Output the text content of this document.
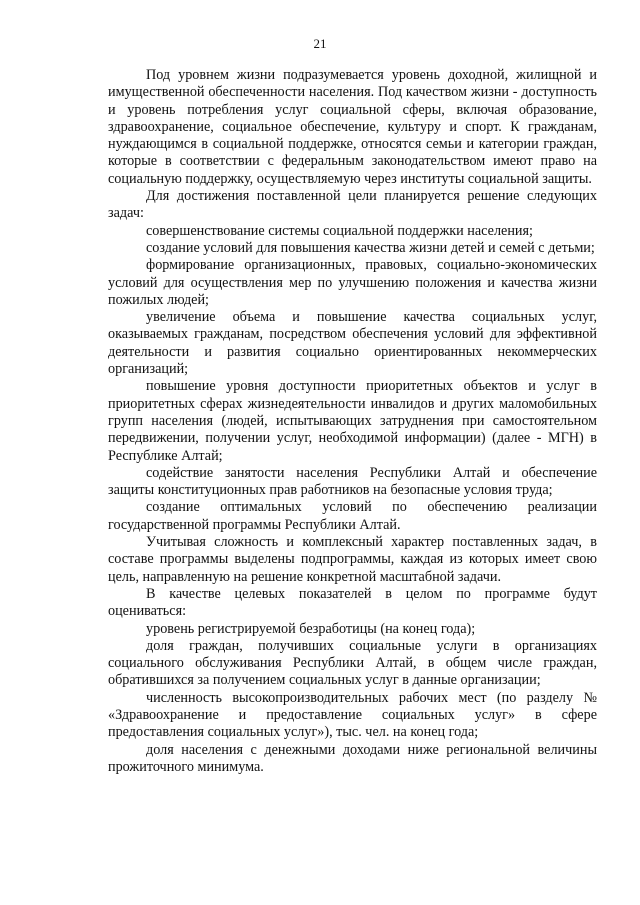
21

Под уровнем жизни подразумевается уровень доходной, жилищной и имущественной обеспеченности населения. Под качеством жизни - доступность и уровень потребления услуг социальной сферы, включая образование, здравоохранение, социальное обеспечение, культуру и спорт. К гражданам, нуждающимся в социальной поддержке, относятся семьи и категории граждан, которые в соответствии с федеральным законодательством имеют право на социальную поддержку, осуществляемую через институты социальной защиты.

Для достижения поставленной цели планируется решение следующих задач:

совершенствование системы социальной поддержки населения;

создание условий для повышения качества жизни детей и семей с детьми;

формирование организационных, правовых, социально-экономических условий для осуществления мер по улучшению положения и качества жизни пожилых людей;

увеличение объема и повышение качества социальных услуг, оказываемых гражданам, посредством обеспечения условий для эффективной деятельности и развития социально ориентированных некоммерческих организаций;

повышение уровня доступности приоритетных объектов и услуг в приоритетных сферах жизнедеятельности инвалидов и других маломобильных групп населения (людей, испытывающих затруднения при самостоятельном передвижении, получении услуг, необходимой информации) (далее - МГН) в Республике Алтай;

содействие занятости населения Республики Алтай и обеспечение защиты конституционных прав работников на безопасные условия труда;

создание оптимальных условий по обеспечению реализации государственной программы Республики Алтай.

Учитывая сложность и комплексный характер поставленных задач, в составе программы выделены подпрограммы, каждая из которых имеет свою цель, направленную на решение конкретной масштабной задачи.

В качестве целевых показателей в целом по программе будут оцениваться:

уровень регистрируемой безработицы (на конец года);

доля граждан, получивших социальные услуги в организациях социального обслуживания Республики Алтай, в общем числе граждан, обратившихся за получением социальных услуг в данные организации;

численность высокопроизводительных рабочих мест (по разделу № «Здравоохранение и предоставление социальных услуг» в сфере предоставления социальных услуг»), тыс. чел. на конец года;

доля населения с денежными доходами ниже региональной величины прожиточного минимума.
